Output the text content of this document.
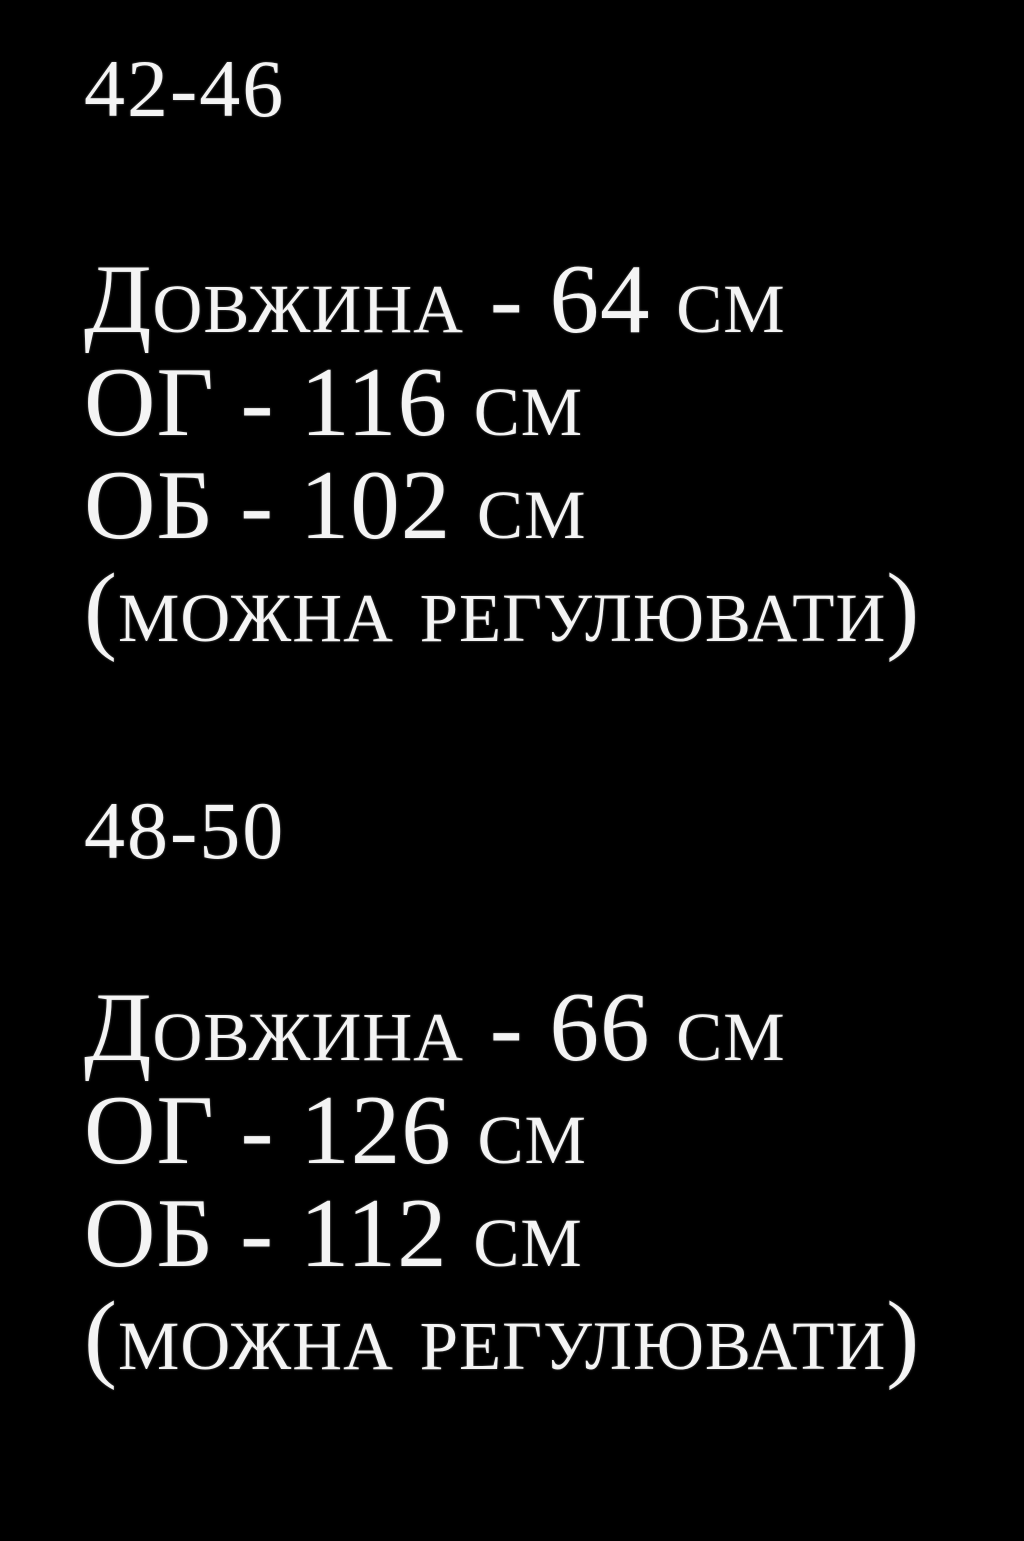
42-46

Довжина - 64 см

ОГ - 116 см

ОБ - 102 см

(можна регулювати)

48-50

Довжина - 66 см

ОГ - 126 см

ОБ - 112 см

(можна регулювати)
